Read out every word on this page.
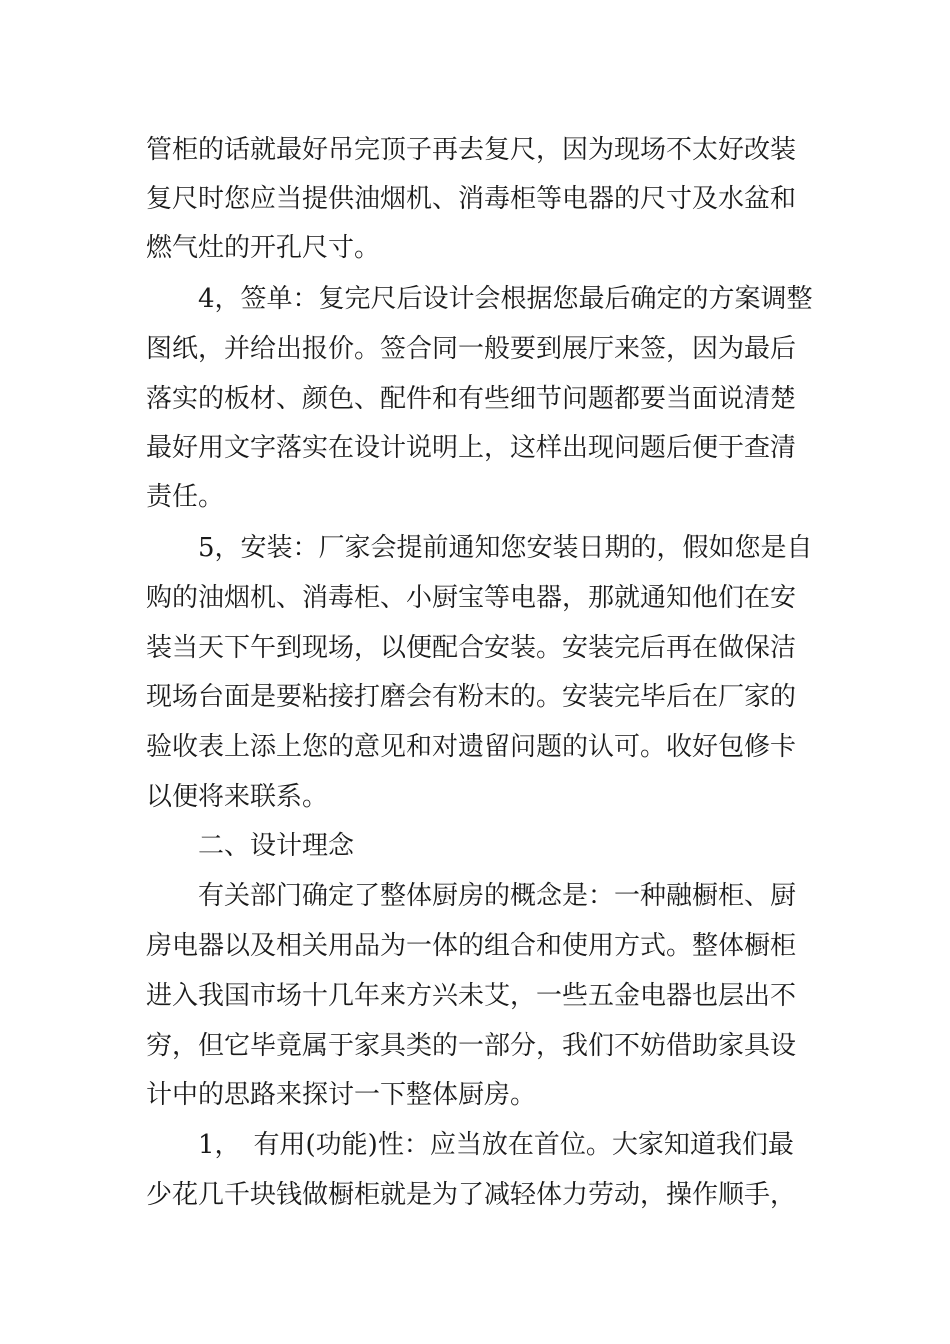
管柜的话就最好吊完顶子再去复尺，因为现场不太好改装
复尺时您应当提供油烟机、消毒柜等电器的尺寸及水盆和
燃气灶的开孔尺寸。
　　4，签单：复完尺后设计会根据您最后确定的方案调整
图纸，并给出报价。签合同一般要到展厅来签，因为最后
落实的板材、颜色、配件和有些细节问题都要当面说清楚
最好用文字落实在设计说明上，这样出现问题后便于查清
责任。
　　5，安装：厂家会提前通知您安装日期的，假如您是自
购的油烟机、消毒柜、小厨宝等电器，那就通知他们在安
装当天下午到现场，以便配合安装。安装完后再在做保洁
现场台面是要粘接打磨会有粉末的。安装完毕后在厂家的
验收表上添上您的意见和对遗留问题的认可。收好包修卡
以便将来联系。
　　二、设计理念
　　有关部门确定了整体厨房的概念是：一种融橱柜、厨
房电器以及相关用品为一体的组合和使用方式。整体橱柜
进入我国市场十几年来方兴未艾，一些五金电器也层出不
穷，但它毕竟属于家具类的一部分，我们不妨借助家具设
计中的思路来探讨一下整体厨房。
　　1，　有用(功能)性：应当放在首位。大家知道我们最
少花几千块钱做橱柜就是为了减轻体力劳动，操作顺手，
